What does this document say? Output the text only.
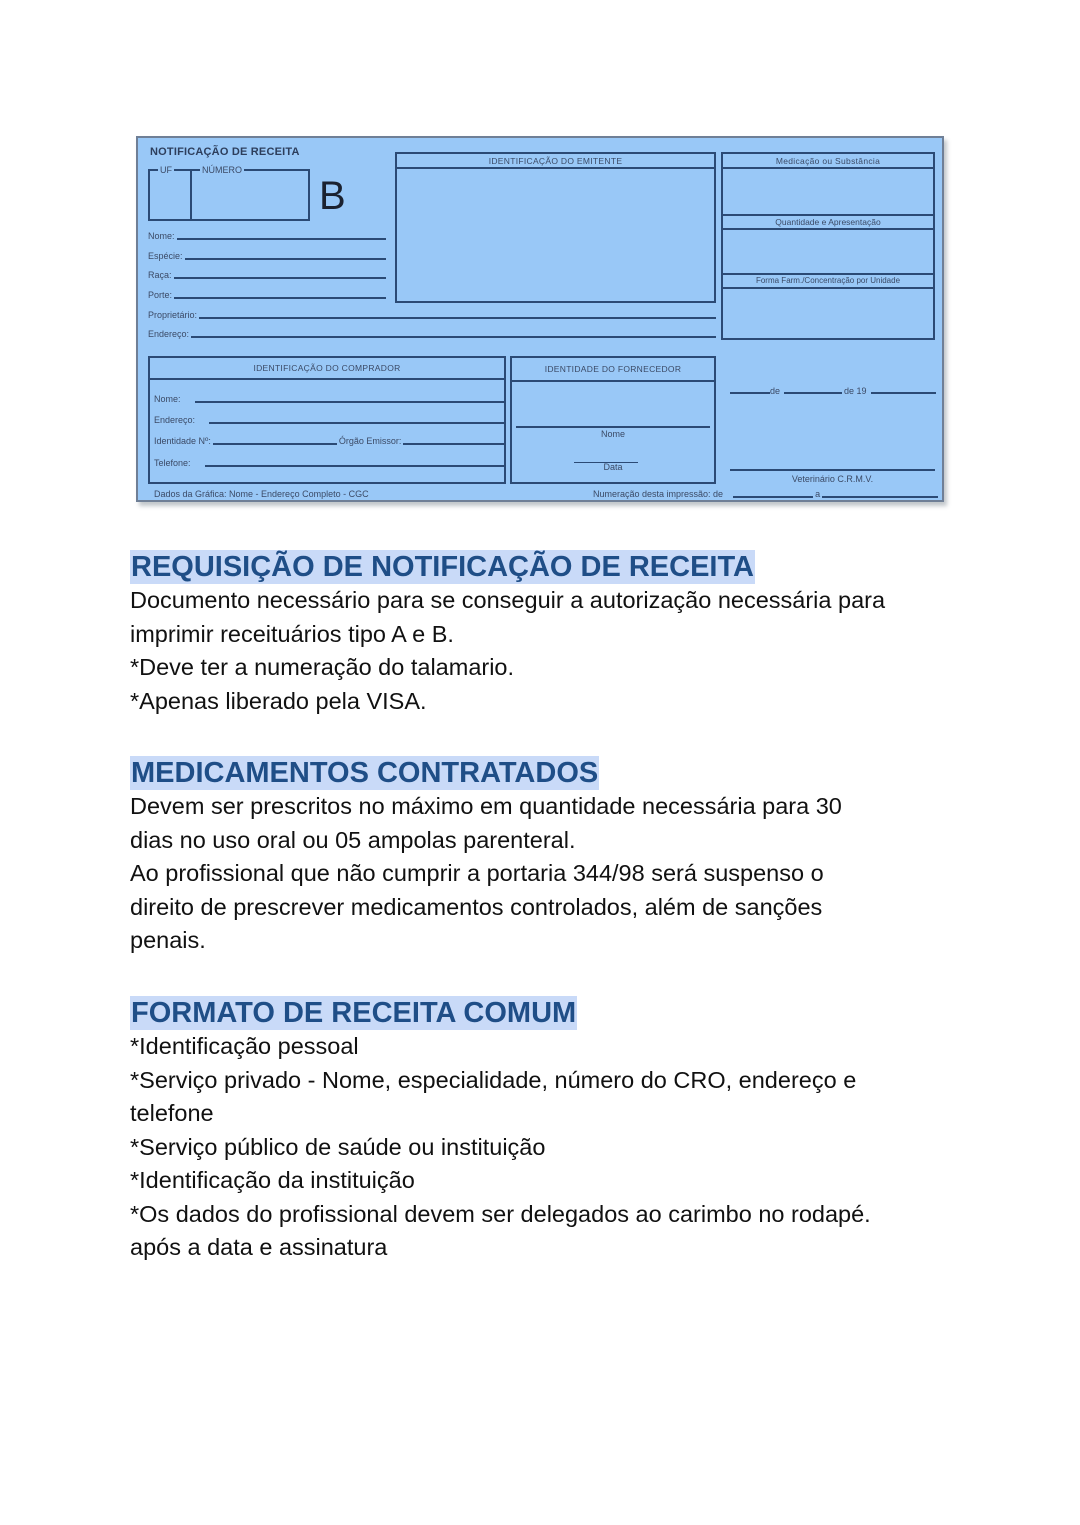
NOTIFICAÇÃO DE RECEITA
UF	NÚMERO
B
Nome:
Espécie:
Raça:
Porte:
Proprietário:
Endereço:
IDENTIFICAÇÃO DO EMITENTE	Medicação ou Substância
Quantidade e Apresentação
Forma Farm./Concentração por Unidade
IDENTIFICAÇÃO DO COMPRADOR
Nome:
Endereço:
Identidade Nº:	Órgão Emissor:
Telefone:
IDENTIDADE DO FORNECEDOR
Nome
Data
de	de 19
Veterinário C.R.M.V.
Dados da Gráfica: Nome - Endereço Completo - CGC	Numeração desta impressão: de	a
REQUISIÇÃO DE NOTIFICAÇÃO DE RECEITA

Documento necessário para se conseguir a autorização necessária para

imprimir receituários tipo A e B.

*Deve ter a numeração do talamario.

*Apenas liberado pela VISA.

MEDICAMENTOS CONTRATADOS

Devem ser prescritos no máximo em quantidade necessária para 30

dias no uso oral ou 05 ampolas parenteral.

Ao profissional que não cumprir a portaria 344/98 será suspenso o

direito de prescrever medicamentos controlados, além de sanções

penais.

FORMATO DE RECEITA COMUM

*Identificação pessoal

*Serviço privado - Nome, especialidade, número do CRO, endereço e

telefone

*Serviço público de saúde ou instituição

*Identificação da instituição

*Os dados do profissional devem ser delegados ao carimbo no rodapé.

após a data e assinatura
